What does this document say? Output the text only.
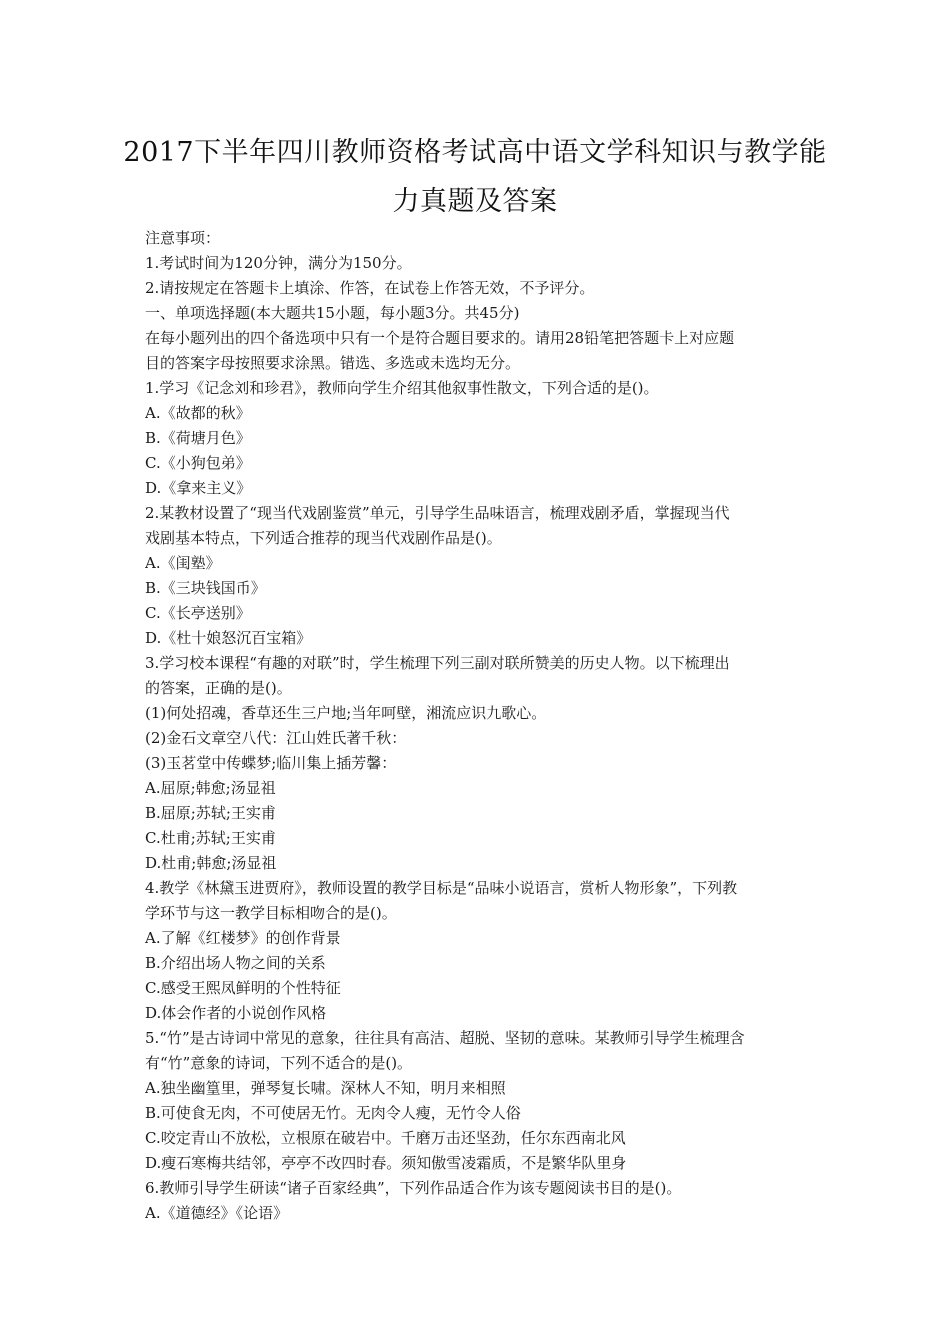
2017下半年四川教师资格考试高中语文学科知识与教学能
力真题及答案
注意事项：
1.考试时间为120分钟，满分为150分。
2.请按规定在答题卡上填涂、作答，在试卷上作答无效，不予评分。
一、单项选择题(本大题共15小题，每小题3分。共45分)
在每小题列出的四个备选项中只有一个是符合题目要求的。请用28铅笔把答题卡上对应题
目的答案字母按照要求涂黑。错选、多选或未选均无分。
1.学习《记念刘和珍君》，教师向学生介绍其他叙事性散文，下列合适的是()。
A.《故都的秋》
B.《荷塘月色》
C.《小狗包弟》
D.《拿来主义》
2.某教材设置了“现当代戏剧鉴赏”单元，引导学生品味语言，梳理戏剧矛盾，掌握现当代
戏剧基本特点，下列适合推荐的现当代戏剧作品是()。
A.《闺塾》
B.《三块钱国币》
C.《长亭送别》
D.《杜十娘怒沉百宝箱》
3.学习校本课程“有趣的对联”时，学生梳理下列三副对联所赞美的历史人物。以下梳理出
的答案，正确的是()。
(1)何处招魂，香草还生三户地;当年呵壁，湘流应识九歌心。
(2)金石文章空八代：江山姓氏著千秋：
(3)玉茗堂中传蝶梦;临川集上插芳馨：
A.屈原;韩愈;汤显祖
B.屈原;苏轼;王实甫
C.杜甫;苏轼;王实甫
D.杜甫;韩愈;汤显祖
4.教学《林黛玉进贾府》，教师设置的教学目标是“品味小说语言，赏析人物形象”，下列教
学环节与这一教学目标相吻合的是()。
A.了解《红楼梦》的创作背景
B.介绍出场人物之间的关系
C.感受王熙凤鲜明的个性特征
D.体会作者的小说创作风格
5.“竹”是古诗词中常见的意象，往往具有高洁、超脱、坚韧的意味。某教师引导学生梳理含
有“竹”意象的诗词，下列不适合的是()。
A.独坐幽篁里，弹琴复长啸。深林人不知，明月来相照
B.可使食无肉，不可使居无竹。无肉令人瘦，无竹令人俗
C.咬定青山不放松，立根原在破岩中。千磨万击还坚劲，任尔东西南北风
D.瘦石寒梅共结邻，亭亭不改四时春。须知傲雪凌霜质，不是繁华队里身
6.教师引导学生研读“诸子百家经典”，下列作品适合作为该专题阅读书目的是()。
A.《道德经》《论语》
